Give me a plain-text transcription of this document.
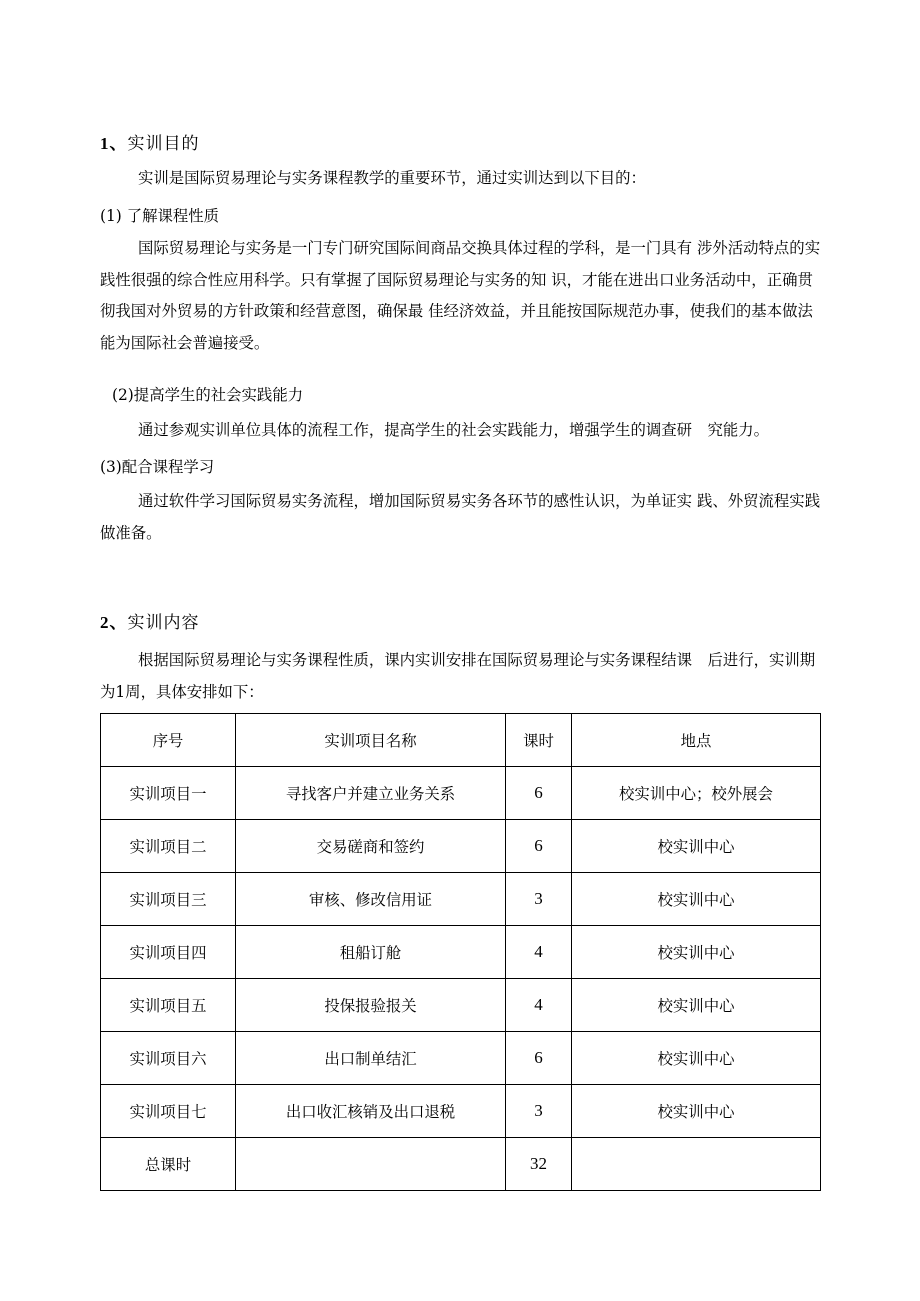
1、实训目的
实训是国际贸易理论与实务课程教学的重要环节，通过实训达到以下目的：
(1) 了解课程性质
国际贸易理论与实务是一门专门研究国际间商品交换具体过程的学科，是一门具有 涉外活动特点的实践性很强的综合性应用科学。只有掌握了国际贸易理论与实务的知 识，才能在进出口业务活动中，正确贯彻我国对外贸易的方针政策和经营意图，确保最 佳经济效益，并且能按国际规范办事，使我们的基本做法能为国际社会普遍接受。
(2)提高学生的社会实践能力
通过参观实训单位具体的流程工作，提高学生的社会实践能力，增强学生的调查研　究能力。
(3)配合课程学习
通过软件学习国际贸易实务流程，增加国际贸易实务各环节的感性认识，为单证实 践、外贸流程实践做准备。
2、实训内容
根据国际贸易理论与实务课程性质，课内实训安排在国际贸易理论与实务课程结课　后进行，实训期为1周，具体安排如下：
序号	实训项目名称	课时	地点
实训项目一	寻找客户并建立业务关系	6	校实训中心；校外展会
实训项目二	交易磋商和签约	6	校实训中心
实训项目三	审核、修改信用证	3	校实训中心
实训项目四	租船订舱	4	校实训中心
实训项目五	投保报验报关	4	校实训中心
实训项目六	出口制单结汇	6	校实训中心
实训项目七	出口收汇核销及出口退税	3	校实训中心
总课时		32	
